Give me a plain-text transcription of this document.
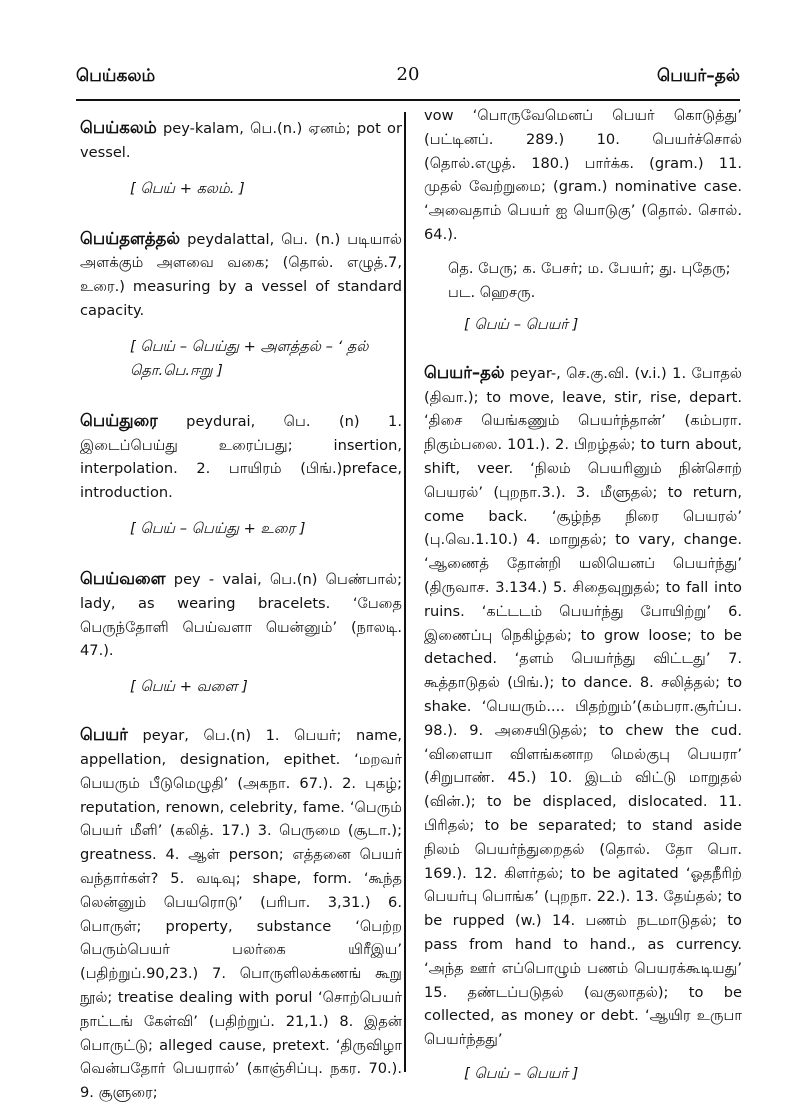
பெய்கலம்	20	பெயர்–தல்

பெய்கலம் pey-kalam, பெ.(n.) ஏனம்; pot or vessel.

[ பெய் + கலம். ]

பெய்தளத்தல் peydalattal, பெ. (n.) படியால் அளக்கும் அளவை வகை; (தொல். எழுத்.7, உரை.) measuring by a vessel of standard capacity.

[ பெய் – பெய்து + அளத்தல் – ‘ தல் தொ.பெ.ஈறு ]

பெய்துரை peydurai, பெ. (n) 1. இடைப்பெய்து உரைப்பது; insertion, interpolation. 2. பாயிரம் (பிங்.)preface, introduction.

[ பெய் – பெய்து + உரை ]

பெய்வளை pey - valai, பெ.(n) பெண்பால்; lady, as wearing bracelets. ‘பேதை பெருந்தோளி பெய்வளா யென்னும்’ (நாலடி. 47.).

[ பெய் + வளை ]

பெயர் peyar, பெ.(n) 1. பெயர்; name, appellation, designation, epithet. ‘மறவர் பெயரும் பீடுமெழுதி’ (அகநா. 67.). 2. புகழ்; reputation, renown, celebrity, fame. ‘பெரும் பெயர் மீளி’ (கலித். 17.) 3. பெருமை (சூடா.); greatness. 4. ஆள் person; எத்தனை பெயர் வந்தார்கள்? 5. வடிவு; shape, form. ‘கூந்த லென்னும் பெயரொடு’ (பரிபா. 3,31.) 6. பொருள்; property, substance ‘பெற்ற பெரும்பெயர் பலர்கை யிரீஇய’ (பதிற்றுப்.90,23.) 7. பொருளிலக்கணங் கூறு நூல்; treatise dealing with porul ‘சொற்பெயர் நாட்டங் கேள்வி’ (பதிற்றுப். 21,1.) 8. இதன் பொருட்டு; alleged cause, pretext. ‘திருவிழா வென்பதோர் பெயரால்’ (காஞ்சிப்பு. நகர. 70.). 9. சூளுரை;

vow ‘பொருவேமெனப் பெயர் கொடுத்து’ (பட்டினப். 289.) 10. பெயர்ச்சொல் (தொல்.எழுத். 180.) பார்க்க. (gram.) 11. முதல் வேற்றுமை; (gram.) nominative case. ‘அவைதாம் பெயர் ஐ யொடுகு’ (தொல். சொல். 64.).

தெ. பேரு; க. பேசர்; ம. பேயர்; து. புதேரு; பட. ஹெசரு.
[ பெய் – பெயர் ]

பெயர்–தல் peyar-, செ.கு.வி. (v.i.) 1. போதல் (திவா.); to move, leave, stir, rise, depart. ‘திசை யெங்கணும் பெயர்ந்தான்’ (கம்பரா. நிகும்பலை. 101.). 2. பிறழ்தல்; to turn about, shift, veer. ‘நிலம் பெயரினும் நின்சொற் பெயரல்’ (புறநா.3.). 3. மீளுதல்; to return, come back. ‘சூழ்ந்த நிரை பெயரல்’ (பு.வெ.1.10.) 4. மாறுதல்; to vary, change. ‘ஆணைத் தோன்றி யலியெனப் பெயர்ந்து’ (திருவாச. 3.134.) 5. சிதைவுறுதல்; to fall into ruins. ‘கட்டடம் பெயர்ந்து போயிற்று’ 6. இணைப்பு நெகிழ்தல்; to grow loose; to be detached. ‘தளம் பெயர்ந்து விட்டது’ 7. கூத்தாடுதல் (பிங்.); to dance. 8. சலித்தல்; to shake. ‘பெயரும்.... பிதற்றும்’(கம்பரா.சூர்ப்ப. 98.). 9. அசையிடுதல்; to chew the cud. ‘விளையா விளங்கனாற மெல்குபு பெயரா’ (சிறுபாண். 45.) 10. இடம் விட்டு மாறுதல் (வின்.); to be displaced, dislocated. 11. பிரிதல்; to be separated; to stand aside நிலம் பெயர்ந்துறைதல் (தொல். தோ பொ. 169.). 12. கிளர்தல்; to be agitated ‘ஓதநீரிற் பெயர்பு பொங்க’ (புறநா. 22.). 13. தேய்தல்; to be rupped (w.) 14. பணம் நடமாடுதல்; to pass from hand to hand., as currency. ‘அந்த ஊர் எப்பொழும் பணம் பெயரக்கூடியது’ 15. தண்டப்படுதல் (வகுலாதல்); to be collected, as money or debt. ‘ஆயிர உருபா பெயர்ந்தது’

[ பெய் – பெயர் ]
